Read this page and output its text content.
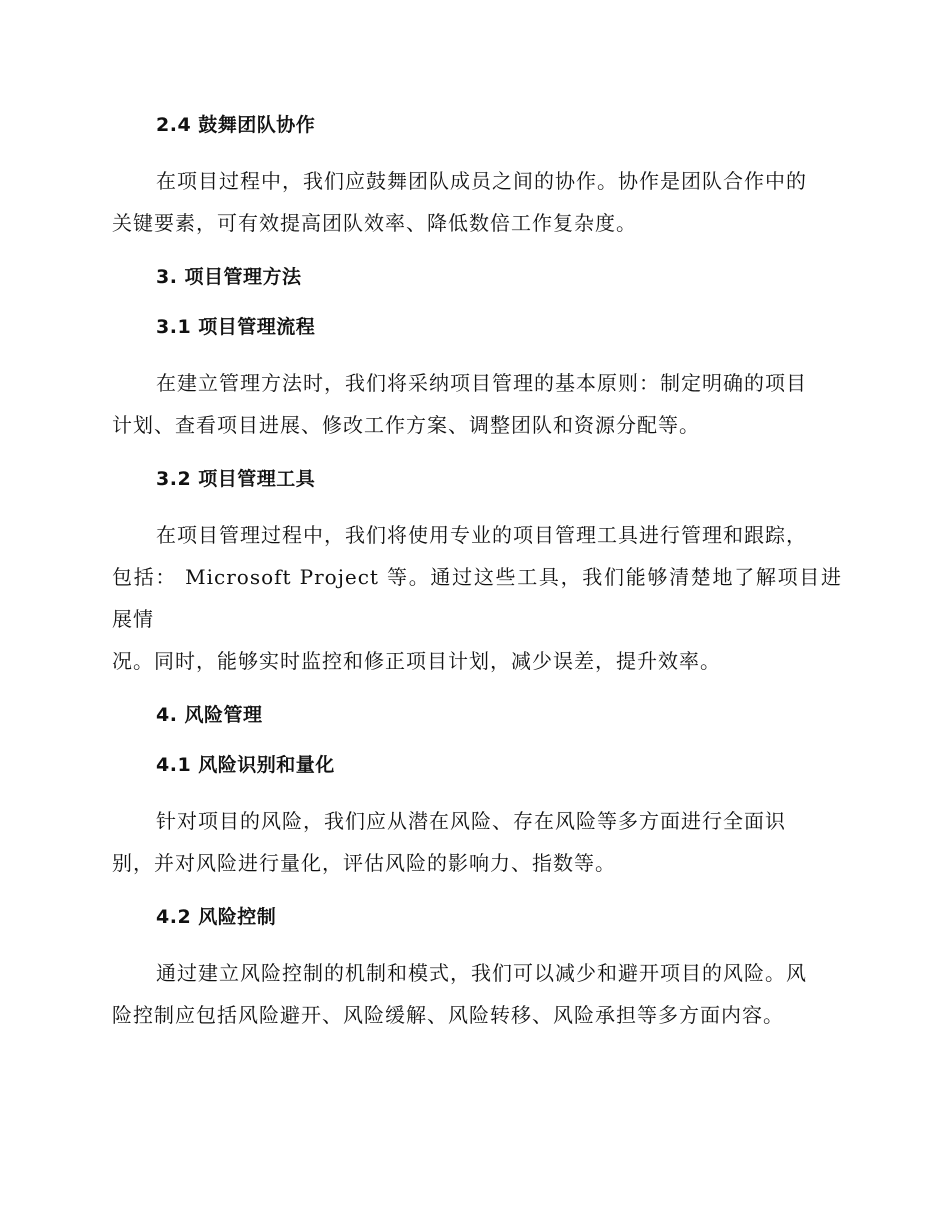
2.4 鼓舞团队协作
在项目过程中，我们应鼓舞团队成员之间的协作。协作是团队合作中的
关键要素，可有效提高团队效率、降低数倍工作复杂度。
3. 项目管理方法
3.1 项目管理流程
在建立管理方法时，我们将采纳项目管理的基本原则：制定明确的项目
计划、查看项目进展、修改工作方案、调整团队和资源分配等。
3.2 项目管理工具
在项目管理过程中，我们将使用专业的项目管理工具进行管理和跟踪，
包括： Microsoft Project 等。通过这些工具，我们能够清楚地了解项目进展情
况。同时，能够实时监控和修正项目计划，减少误差，提升效率。
4. 风险管理
4.1 风险识别和量化
针对项目的风险，我们应从潜在风险、存在风险等多方面进行全面识
别，并对风险进行量化，评估风险的影响力、指数等。
4.2 风险控制
通过建立风险控制的机制和模式，我们可以减少和避开项目的风险。风
险控制应包括风险避开、风险缓解、风险转移、风险承担等多方面内容。
